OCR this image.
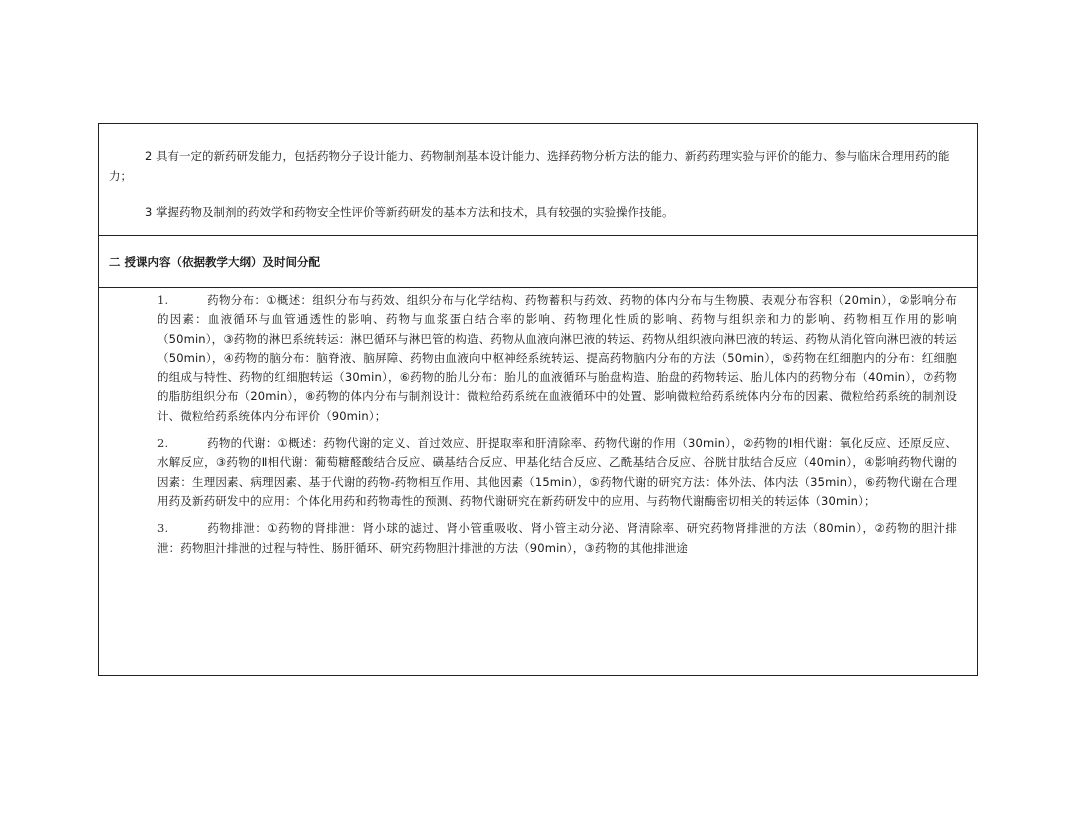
2 具有一定的新药研发能力，包括药物分子设计能力、药物制剂基本设计能力、选择药物分析方法的能力、新药药理实验与评价的能力、参与临床合理用药的能力；

3 掌握药物及制剂的药效学和药物安全性评价等新药研发的基本方法和技术，具有较强的实验操作技能。

二 授课内容（依据教学大纲）及时间分配
1.	药物分布：①概述：组织分布与药效、组织分布与化学结构、药物蓄积与药效、药物的体内分布与生物膜、表观分布容积（20min），②影响分布的因素：血液循环与血管通透性的影响、药物与血浆蛋白结合率的影响、药物理化性质的影响、药物与组织亲和力的影响、药物相互作用的影响（50min），③药物的淋巴系统转运：淋巴循环与淋巴管的构造、药物从血液向淋巴液的转运、药物从组织液向淋巴液的转运、药物从消化管向淋巴液的转运（50min），④药物的脑分布：脑脊液、脑屏障、药物由血液向中枢神经系统转运、提高药物脑内分布的方法（50min），⑤药物在红细胞内的分布：红细胞的组成与特性、药物的红细胞转运（30min），⑥药物的胎儿分布：胎儿的血液循环与胎盘构造、胎盘的药物转运、胎儿体内的药物分布（40min），⑦药物的脂肪组织分布（20min），⑧药物的体内分布与制剂设计：微粒给药系统在血液循环中的处置、影响微粒给药系统体内分布的因素、微粒给药系统的制剂设计、微粒给药系统体内分布评价（90min）；
2.	药物的代谢：①概述：药物代谢的定义、首过效应、肝提取率和肝清除率、药物代谢的作用（30min），②药物的Ⅰ相代谢：氧化反应、还原反应、水解反应，③药物的Ⅱ相代谢：葡萄糖醛酸结合反应、磺基结合反应、甲基化结合反应、乙酰基结合反应、谷胱甘肽结合反应（40min），④影响药物代谢的因素：生理因素、病理因素、基于代谢的药物-药物相互作用、其他因素（15min），⑤药物代谢的研究方法：体外法、体内法（35min），⑥药物代谢在合理用药及新药研发中的应用：个体化用药和药物毒性的预测、药物代谢研究在新药研发中的应用、与药物代谢酶密切相关的转运体（30min）；
3.	药物排泄：①药物的肾排泄：肾小球的滤过、肾小管重吸收、肾小管主动分泌、肾清除率、研究药物肾排泄的方法（80min），②药物的胆汁排泄：药物胆汁排泄的过程与特性、肠肝循环、研究药物胆汁排泄的方法（90min），③药物的其他排泄途
